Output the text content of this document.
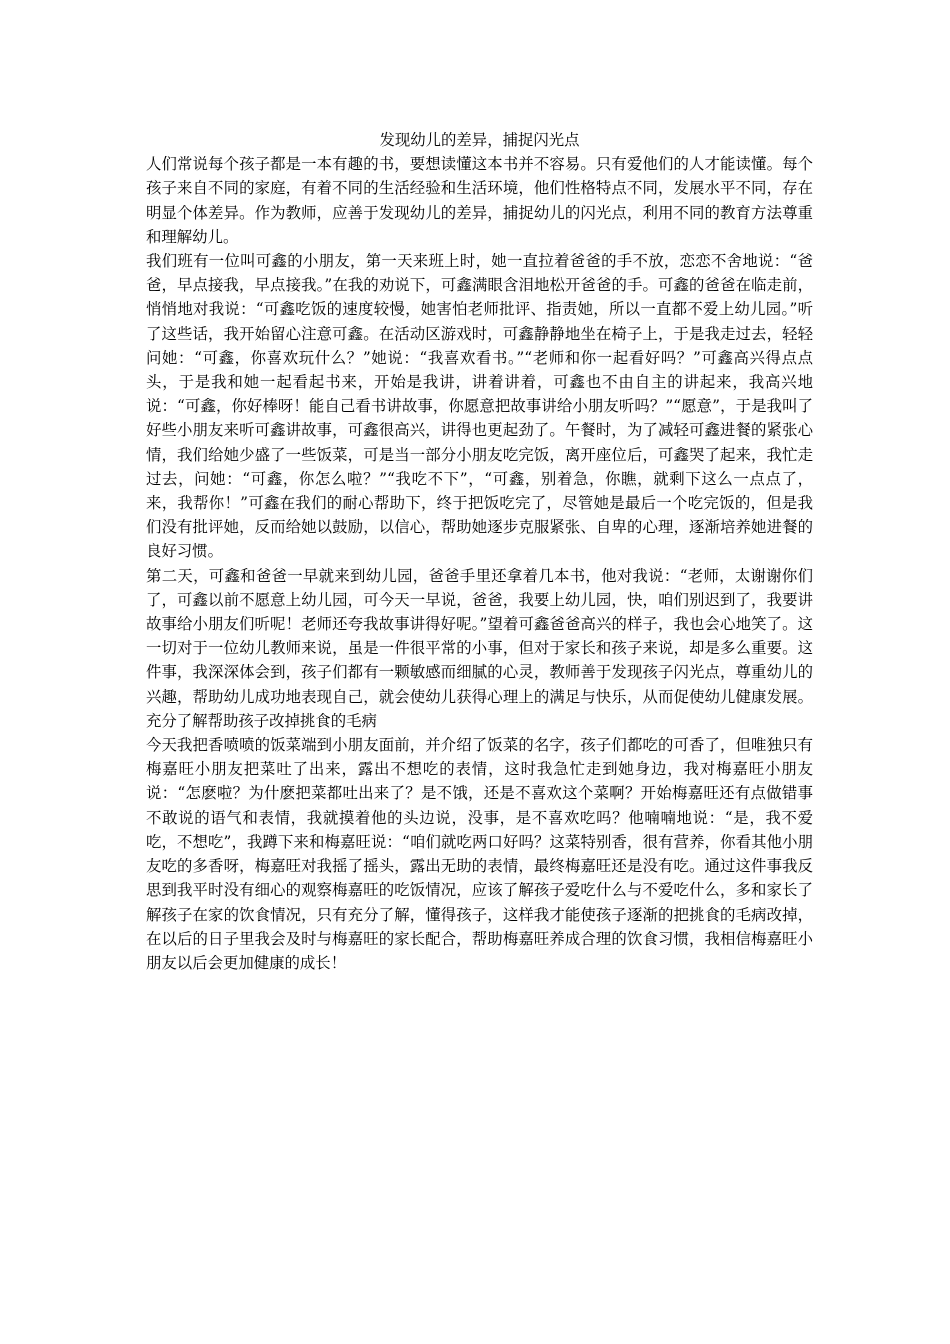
发现幼儿的差异，捕捉闪光点

人们常说每个孩子都是一本有趣的书，要想读懂这本书并不容易。只有爱他们的人才能读懂。每个孩子来自不同的家庭，有着不同的生活经验和生活环境，他们性格特点不同，发展水平不同，存在明显个体差异。作为教师，应善于发现幼儿的差异，捕捉幼儿的闪光点，利用不同的教育方法尊重和理解幼儿。

我们班有一位叫可鑫的小朋友，第一天来班上时，她一直拉着爸爸的手不放，恋恋不舍地说：“爸爸，早点接我，早点接我。”在我的劝说下，可鑫满眼含泪地松开爸爸的手。可鑫的爸爸在临走前，悄悄地对我说：“可鑫吃饭的速度较慢，她害怕老师批评、指责她，所以一直都不爱上幼儿园。”听了这些话，我开始留心注意可鑫。在活动区游戏时，可鑫静静地坐在椅子上，于是我走过去，轻轻问她：“可鑫，你喜欢玩什么？”她说：“我喜欢看书。”“老师和你一起看好吗？”可鑫高兴得点点头，于是我和她一起看起书来，开始是我讲，讲着讲着，可鑫也不由自主的讲起来，我高兴地说：“可鑫，你好棒呀！能自己看书讲故事，你愿意把故事讲给小朋友听吗？”“愿意”，于是我叫了好些小朋友来听可鑫讲故事，可鑫很高兴，讲得也更起劲了。午餐时，为了减轻可鑫进餐的紧张心情，我们给她少盛了一些饭菜，可是当一部分小朋友吃完饭，离开座位后，可鑫哭了起来，我忙走过去，问她：“可鑫，你怎么啦？”“我吃不下”，“可鑫，别着急，你瞧，就剩下这么一点点了，来，我帮你！”可鑫在我们的耐心帮助下，终于把饭吃完了，尽管她是最后一个吃完饭的，但是我们没有批评她，反而给她以鼓励，以信心，帮助她逐步克服紧张、自卑的心理，逐渐培养她进餐的良好习惯。

第二天，可鑫和爸爸一早就来到幼儿园，爸爸手里还拿着几本书，他对我说：“老师，太谢谢你们了，可鑫以前不愿意上幼儿园，可今天一早说，爸爸，我要上幼儿园，快，咱们别迟到了，我要讲故事给小朋友们听呢！老师还夸我故事讲得好呢。”望着可鑫爸爸高兴的样子，我也会心地笑了。这一切对于一位幼儿教师来说，虽是一件很平常的小事，但对于家长和孩子来说，却是多么重要。这件事，我深深体会到，孩子们都有一颗敏感而细腻的心灵，教师善于发现孩子闪光点，尊重幼儿的兴趣，帮助幼儿成功地表现自己，就会使幼儿获得心理上的满足与快乐，从而促使幼儿健康发展。充分了解帮助孩子改掉挑食的毛病

今天我把香喷喷的饭菜端到小朋友面前，并介绍了饭菜的名字，孩子们都吃的可香了，但唯独只有梅嘉旺小朋友把菜吐了出来，露出不想吃的表情，这时我急忙走到她身边，我对梅嘉旺小朋友说：“怎麽啦？为什麽把菜都吐出来了？是不饿，还是不喜欢这个菜啊？开始梅嘉旺还有点做错事不敢说的语气和表情，我就摸着他的头边说，没事，是不喜欢吃吗？他喃喃地说：“是，我不爱吃，不想吃”，我蹲下来和梅嘉旺说：“咱们就吃两口好吗？这菜特别香，很有营养，你看其他小朋友吃的多香呀，梅嘉旺对我摇了摇头，露出无助的表情，最终梅嘉旺还是没有吃。通过这件事我反思到我平时没有细心的观察梅嘉旺的吃饭情况，应该了解孩子爱吃什么与不爱吃什么，多和家长了解孩子在家的饮食情况，只有充分了解，懂得孩子，这样我才能使孩子逐渐的把挑食的毛病改掉，在以后的日子里我会及时与梅嘉旺的家长配合，帮助梅嘉旺养成合理的饮食习惯，我相信梅嘉旺小朋友以后会更加健康的成长！
